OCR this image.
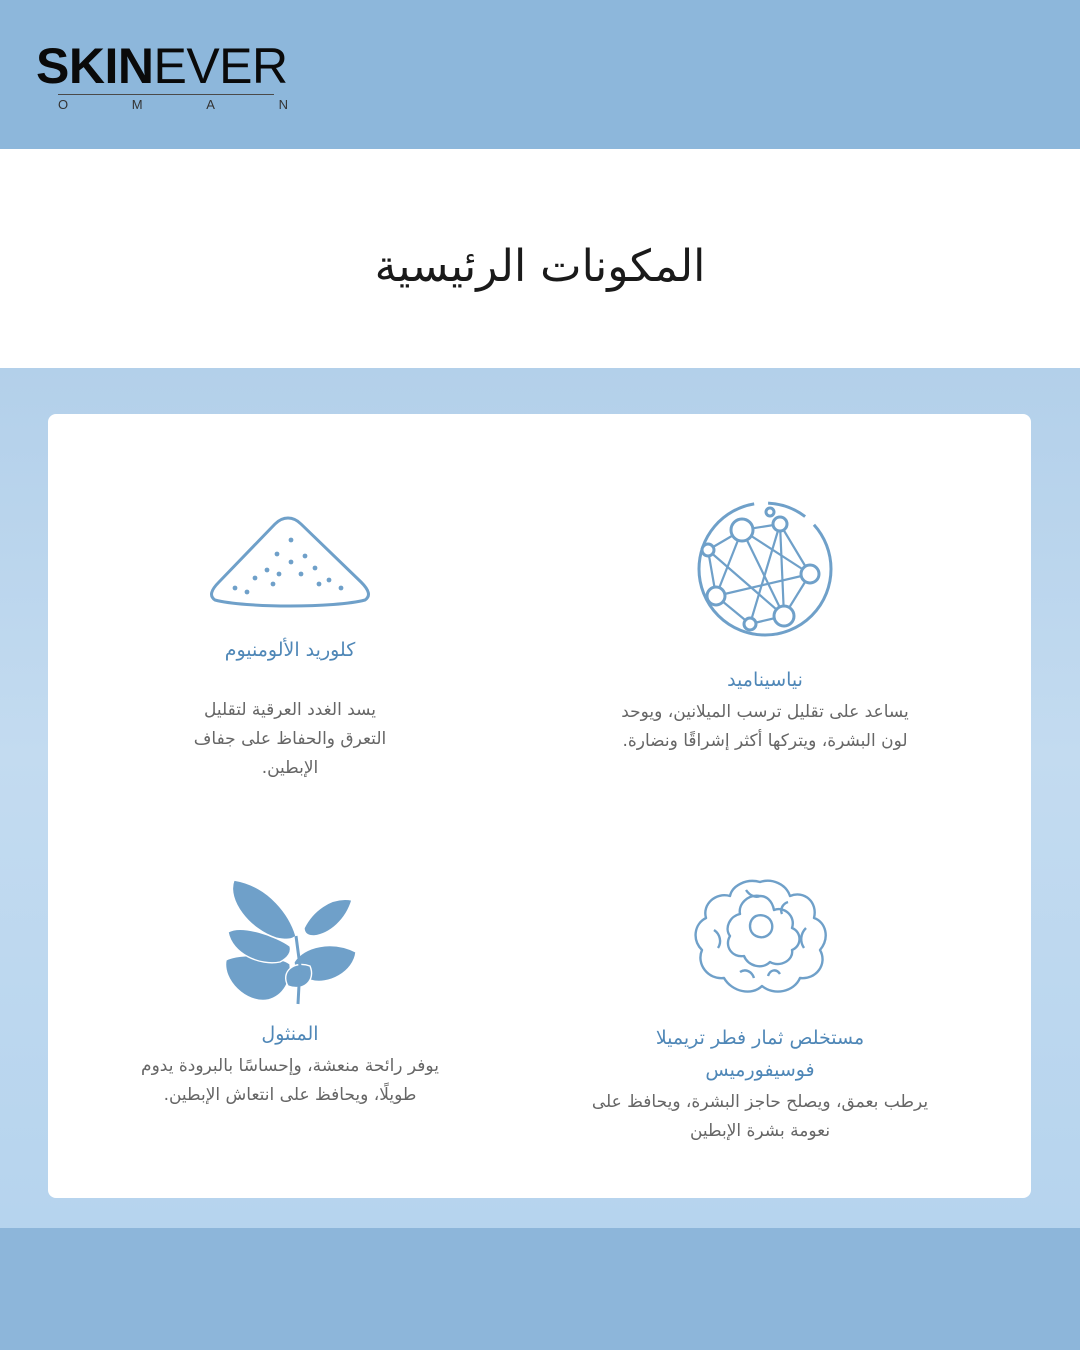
SKINEVER
O	M	A	N
المكونات الرئيسية
كلوريد الألومنيوم
يسد الغدد العرقية لتقليل التعرق والحفاظ على جفاف الإبطين.
نياسيناميد
يساعد على تقليل ترسب الميلانين، ويوحد لون البشرة، ويتركها أكثر إشراقًا ونضارة.
المنثول
يوفر رائحة منعشة، وإحساسًا بالبرودة يدوم طويلًا، ويحافظ على انتعاش الإبطين.
مستخلص ثمار فطر تريميلا فوسيفورميس
يرطب بعمق، ويصلح حاجز البشرة، ويحافظ على نعومة بشرة الإبطين
